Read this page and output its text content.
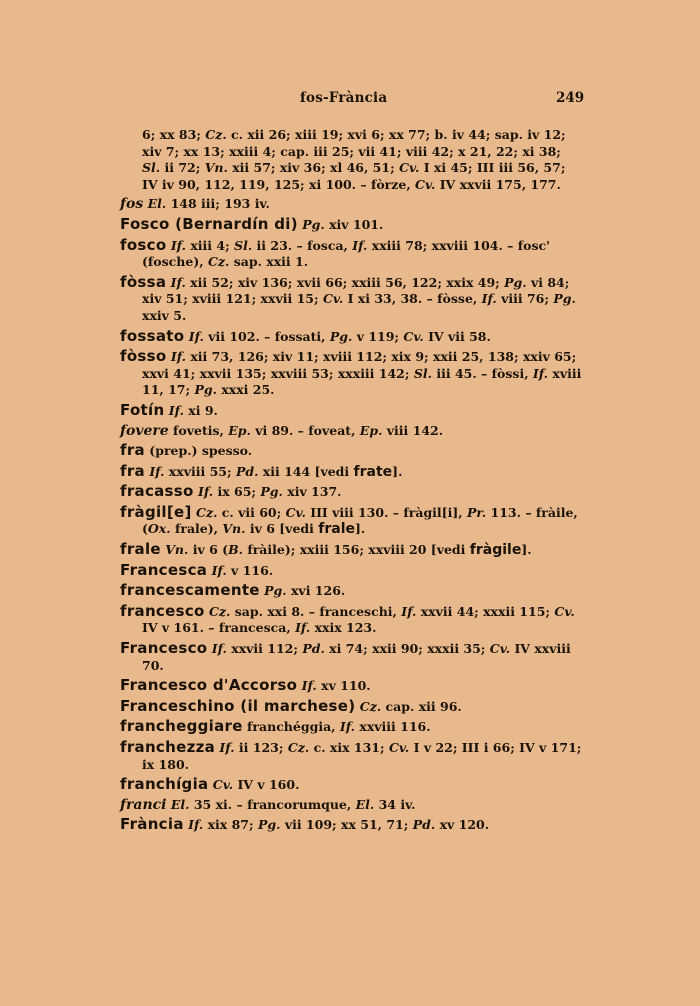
fos-Frància	249
6; xx 83; Cz. c. xii 26; xiii 19; xvi 6; xx 77; b. iv 44; sap. iv 12; xiv 7; xx 13; xxiii 4; cap. iii 25; vii 41; viii 42; x 21, 22; xi 38; Sl. ii 72; Vn. xii 57; xiv 36; xl 46, 51; Cv. I xi 45; III iii 56, 57; IV iv 90, 112, 119, 125; xi 100. – fòrze, Cv. IV xxvii 175, 177.
fos El. 148 iii; 193 iv.
Fosco (Bernardín di) Pg. xiv 101.
fosco If. xiii 4; Sl. ii 23. – fosca, If. xxiii 78; xxviii 104. – fosc' (fosche), Cz. sap. xxii 1.
fòssa If. xii 52; xiv 136; xvii 66; xxiii 56, 122; xxix 49; Pg. vi 84; xiv 51; xviii 121; xxvii 15; Cv. I xi 33, 38. – fòsse, If. viii 76; Pg. xxiv 5.
fossato If. vii 102. – fossati, Pg. v 119; Cv. IV vii 58.
fòsso If. xii 73, 126; xiv 11; xviii 112; xix 9; xxii 25, 138; xxiv 65; xxvi 41; xxvii 135; xxviii 53; xxxiii 142; Sl. iii 45. – fòssi, If. xviii 11, 17; Pg. xxxi 25.
Fotín If. xi 9.
fovere fovetis, Ep. vi 89. – foveat, Ep. viii 142.
fra (prep.) spesso.
fra If. xxviii 55; Pd. xii 144 [vedi frate].
fracasso If. ix 65; Pg. xiv 137.
fràgil[e] Cz. c. vii 60; Cv. III viii 130. – fràgil[i], Pr. 113. – fràile, (Ox. frale), Vn. iv 6 [vedi frale].
frale Vn. iv 6 (B. fràile); xxiii 156; xxviii 20 [vedi fràgile].
Francesca If. v 116.
francescamente Pg. xvi 126.
francesco Cz. sap. xxi 8. – franceschi, If. xxvii 44; xxxii 115; Cv. IV v 161. – francesca, If. xxix 123.
Francesco If. xxvii 112; Pd. xi 74; xxii 90; xxxii 35; Cv. IV xxviii 70.
Francesco d'Accorso If. xv 110.
Franceschino (il marchese) Cz. cap. xii 96.
francheggiare franchéggia, If. xxviii 116.
franchezza If. ii 123; Cz. c. xix 131; Cv. I v 22; III i 66; IV v 171; ix 180.
franchígia Cv. IV v 160.
franci El. 35 xi. – francorumque, El. 34 iv.
Frància If. xix 87; Pg. vii 109; xx 51, 71; Pd. xv 120.
